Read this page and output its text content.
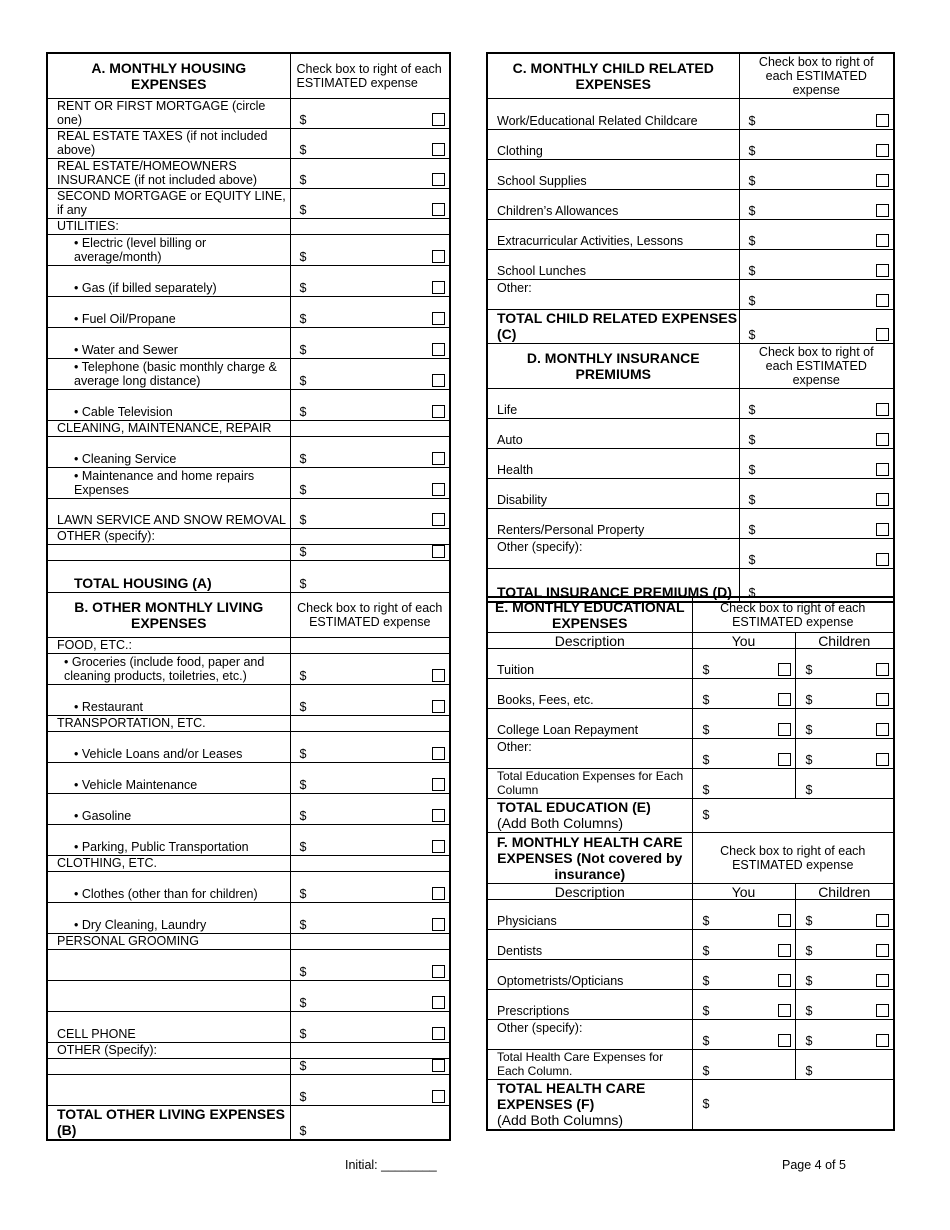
A. MONTHLY HOUSING EXPENSES	Check box to right of each ESTIMATED expense
RENT OR FIRST MORTGAGE (circle one)	$

REAL ESTATE TAXES (if not included above)	$

REAL ESTATE/HOMEOWNERS INSURANCE (if not included above)	$

SECOND MORTGAGE or EQUITY LINE, if any	$

UTILITIES:	
• Electric (level billing or average/month)	$

• Gas (if billed separately)	$

• Fuel Oil/Propane	$

• Water and Sewer	$

• Telephone (basic monthly charge & average long distance)	$

• Cable Television	$

CLEANING, MAINTENANCE, REPAIR	
• Cleaning Service	$

• Maintenance and home repairs Expenses	$

LAWN SERVICE AND SNOW REMOVAL	$

OTHER (specify):	

	$

TOTAL HOUSING (A)	$
B. OTHER MONTHLY LIVING EXPENSES	Check box to right of each ESTIMATED expense
FOOD, ETC.:	
• Groceries (include food, paper and cleaning products, toiletries, etc.)	$

• Restaurant	$

TRANSPORTATION, ETC.	
• Vehicle Loans and/or Leases	$

• Vehicle Maintenance	$

• Gasoline	$

• Parking, Public Transportation	$

CLOTHING, ETC.	
• Clothes (other than for children)	$

• Dry Cleaning, Laundry	$

PERSONAL GROOMING	

	$

	$

CELL PHONE	$

OTHER (Specify):	

	$

	$

TOTAL OTHER LIVING EXPENSES (B)	$
C. MONTHLY CHILD RELATED EXPENSES	Check box to right of each ESTIMATED expense
Work/Educational Related Childcare	$

Clothing	$

School Supplies	$

Children’s Allowances	$

Extracurricular Activities, Lessons	$

School Lunches	$

Other:	$

TOTAL CHILD RELATED EXPENSES (C)	$

D. MONTHLY INSURANCE PREMIUMS	Check box to right of each ESTIMATED expense
Life	$

Auto	$

Health	$

Disability	$

Renters/Personal Property	$

Other (specify):	$

TOTAL INSURANCE PREMIUMS (D)	$
E. MONTHLY EDUCATIONAL EXPENSES	Check box to right of each ESTIMATED expense	
Description	You	Children
Tuition	$	$

Books, Fees, etc.	$	$

College Loan Repayment	$	$

Other:	$	$

Total Education Expenses for Each Column	$	$

TOTAL EDUCATION (E)
(Add Both Columns)	$	
F. MONTHLY HEALTH CARE EXPENSES (Not covered by insurance)	Check box to right of each ESTIMATED expense	
Description	You	Children
Physicians	$	$

Dentists	$	$

Optometrists/Opticians	$	$

Prescriptions	$	$

Other (specify):	$	$

Total Health Care Expenses for Each Column.	$	$

TOTAL HEALTH CARE EXPENSES (F)
(Add Both Columns)	$	
Initial: ________	Page 4 of 5
